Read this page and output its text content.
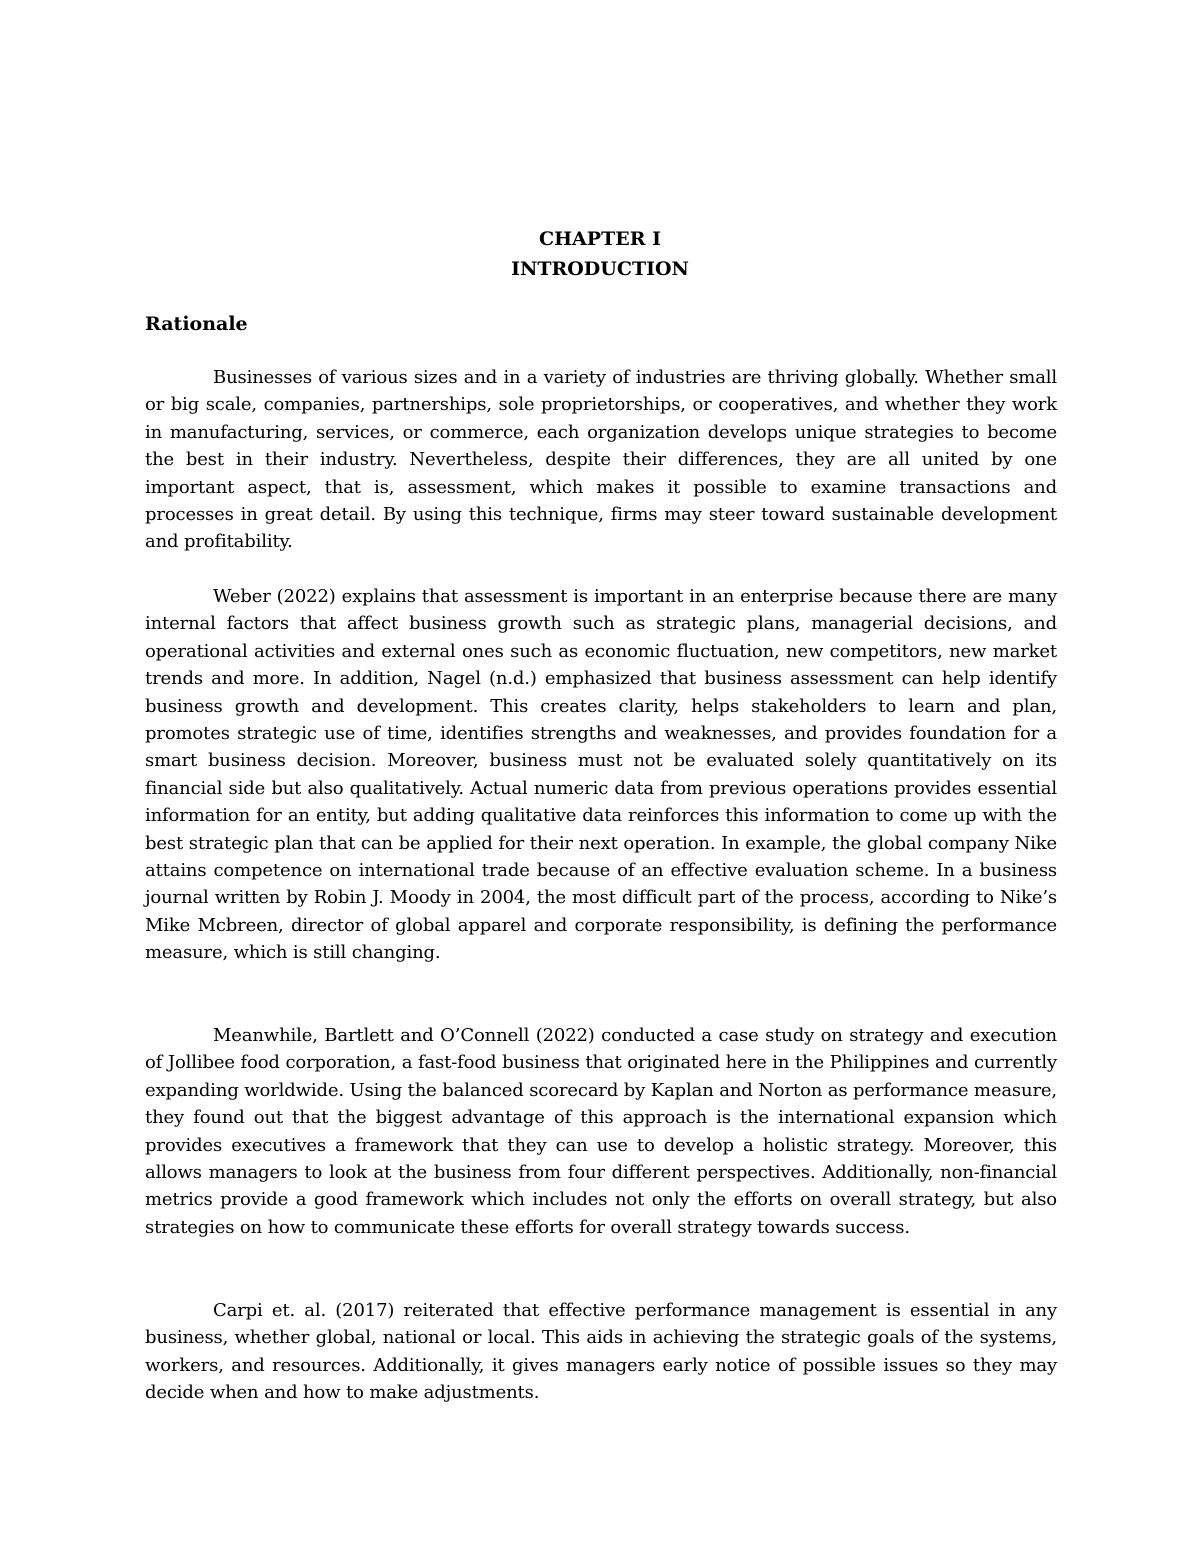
CHAPTER I
INTRODUCTION
Rationale

Businesses of various sizes and in a variety of industries are thriving globally. Whether small or big scale, companies, partnerships, sole proprietorships, or cooperatives, and whether they work in manufacturing, services, or commerce, each organization develops unique strategies to become the best in their industry. Nevertheless, despite their differences, they are all united by one important aspect, that is, assessment, which makes it possible to examine transactions and processes in great detail. By using this technique, firms may steer toward sustainable development and profitability.

Weber (2022) explains that assessment is important in an enterprise because there are many internal factors that affect business growth such as strategic plans, managerial decisions, and operational activities and external ones such as economic fluctuation, new competitors, new market trends and more. In addition, Nagel (n.d.) emphasized that business assessment can help identify business growth and development. This creates clarity, helps stakeholders to learn and plan, promotes strategic use of time, identifies strengths and weaknesses, and provides foundation for a smart business decision. Moreover, business must not be evaluated solely quantitatively on its financial side but also qualitatively. Actual numeric data from previous operations provides essential information for an entity, but adding qualitative data reinforces this information to come up with the best strategic plan that can be applied for their next operation. In example, the global company Nike attains competence on international trade because of an effective evaluation scheme. In a business journal written by Robin J. Moody in 2004, the most difficult part of the process, according to Nike’s Mike Mcbreen, director of global apparel and corporate responsibility, is defining the performance measure, which is still changing.

Meanwhile, Bartlett and O’Connell (2022) conducted a case study on strategy and execution of Jollibee food corporation, a fast-food business that originated here in the Philippines and currently expanding worldwide. Using the balanced scorecard by Kaplan and Norton as performance measure, they found out that the biggest advantage of this approach is the international expansion which provides executives a framework that they can use to develop a holistic strategy. Moreover, this allows managers to look at the business from four different perspectives. Additionally, non-financial metrics provide a good framework which includes not only the efforts on overall strategy, but also strategies on how to communicate these efforts for overall strategy towards success.

Carpi et. al. (2017) reiterated that effective performance management is essential in any business, whether global, national or local. This aids in achieving the strategic goals of the systems, workers, and resources. Additionally, it gives managers early notice of possible issues so they may decide when and how to make adjustments.
